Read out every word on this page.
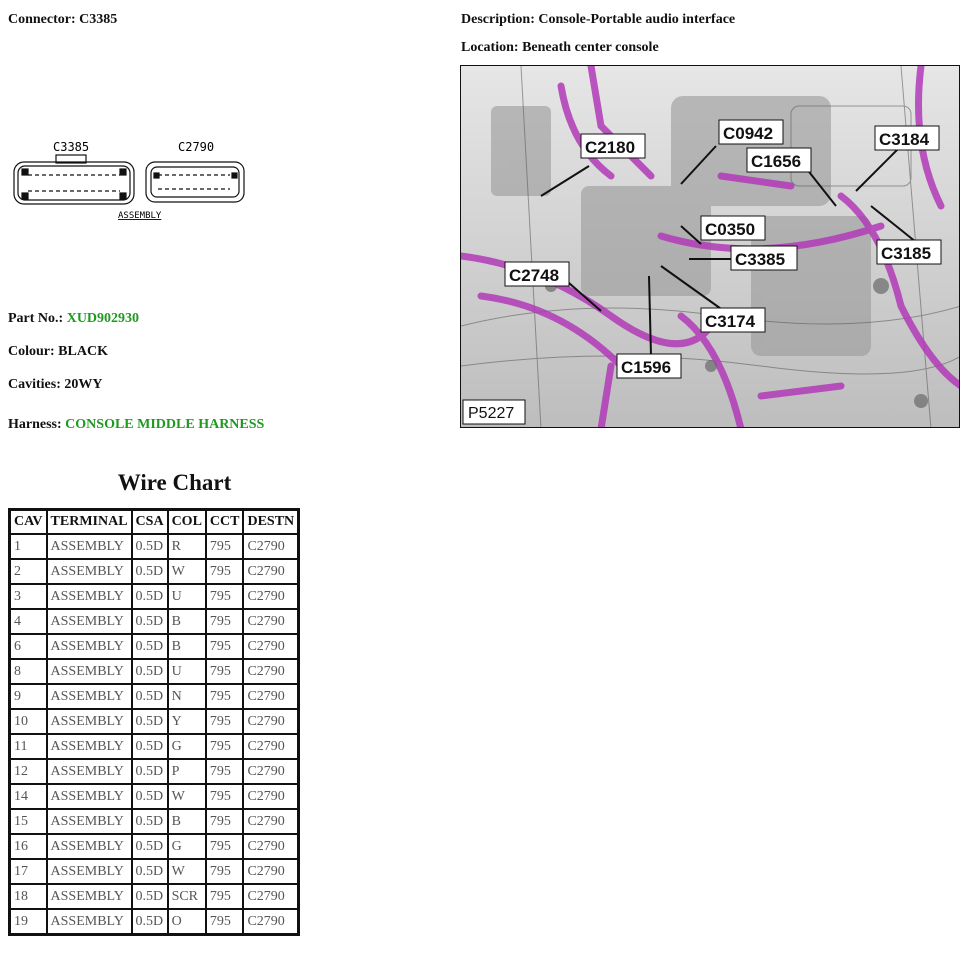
Connector: C3385	Description: Console-Portable audio interface
Location: Beneath center console
C3385	C2790
ASSEMBLY
Part No.: XUD902930
Colour: BLACK
Cavities: 20WY
Harness: CONSOLE MIDDLE HARNESS
C2180
C0942
C1656
C3184
C0350
C3385	C3185
C2748
C3174
C1596
P5227
Wire Chart
CAV	TERMINAL	CSA	COL	CCT	DESTN
1	ASSEMBLY	0.5D	R	795	C2790
2	ASSEMBLY	0.5D	W	795	C2790
3	ASSEMBLY	0.5D	U	795	C2790
4	ASSEMBLY	0.5D	B	795	C2790
6	ASSEMBLY	0.5D	B	795	C2790
8	ASSEMBLY	0.5D	U	795	C2790
9	ASSEMBLY	0.5D	N	795	C2790
10	ASSEMBLY	0.5D	Y	795	C2790
11	ASSEMBLY	0.5D	G	795	C2790
12	ASSEMBLY	0.5D	P	795	C2790
14	ASSEMBLY	0.5D	W	795	C2790
15	ASSEMBLY	0.5D	B	795	C2790
16	ASSEMBLY	0.5D	G	795	C2790
17	ASSEMBLY	0.5D	W	795	C2790
18	ASSEMBLY	0.5D	SCR	795	C2790
19	ASSEMBLY	0.5D	O	795	C2790
